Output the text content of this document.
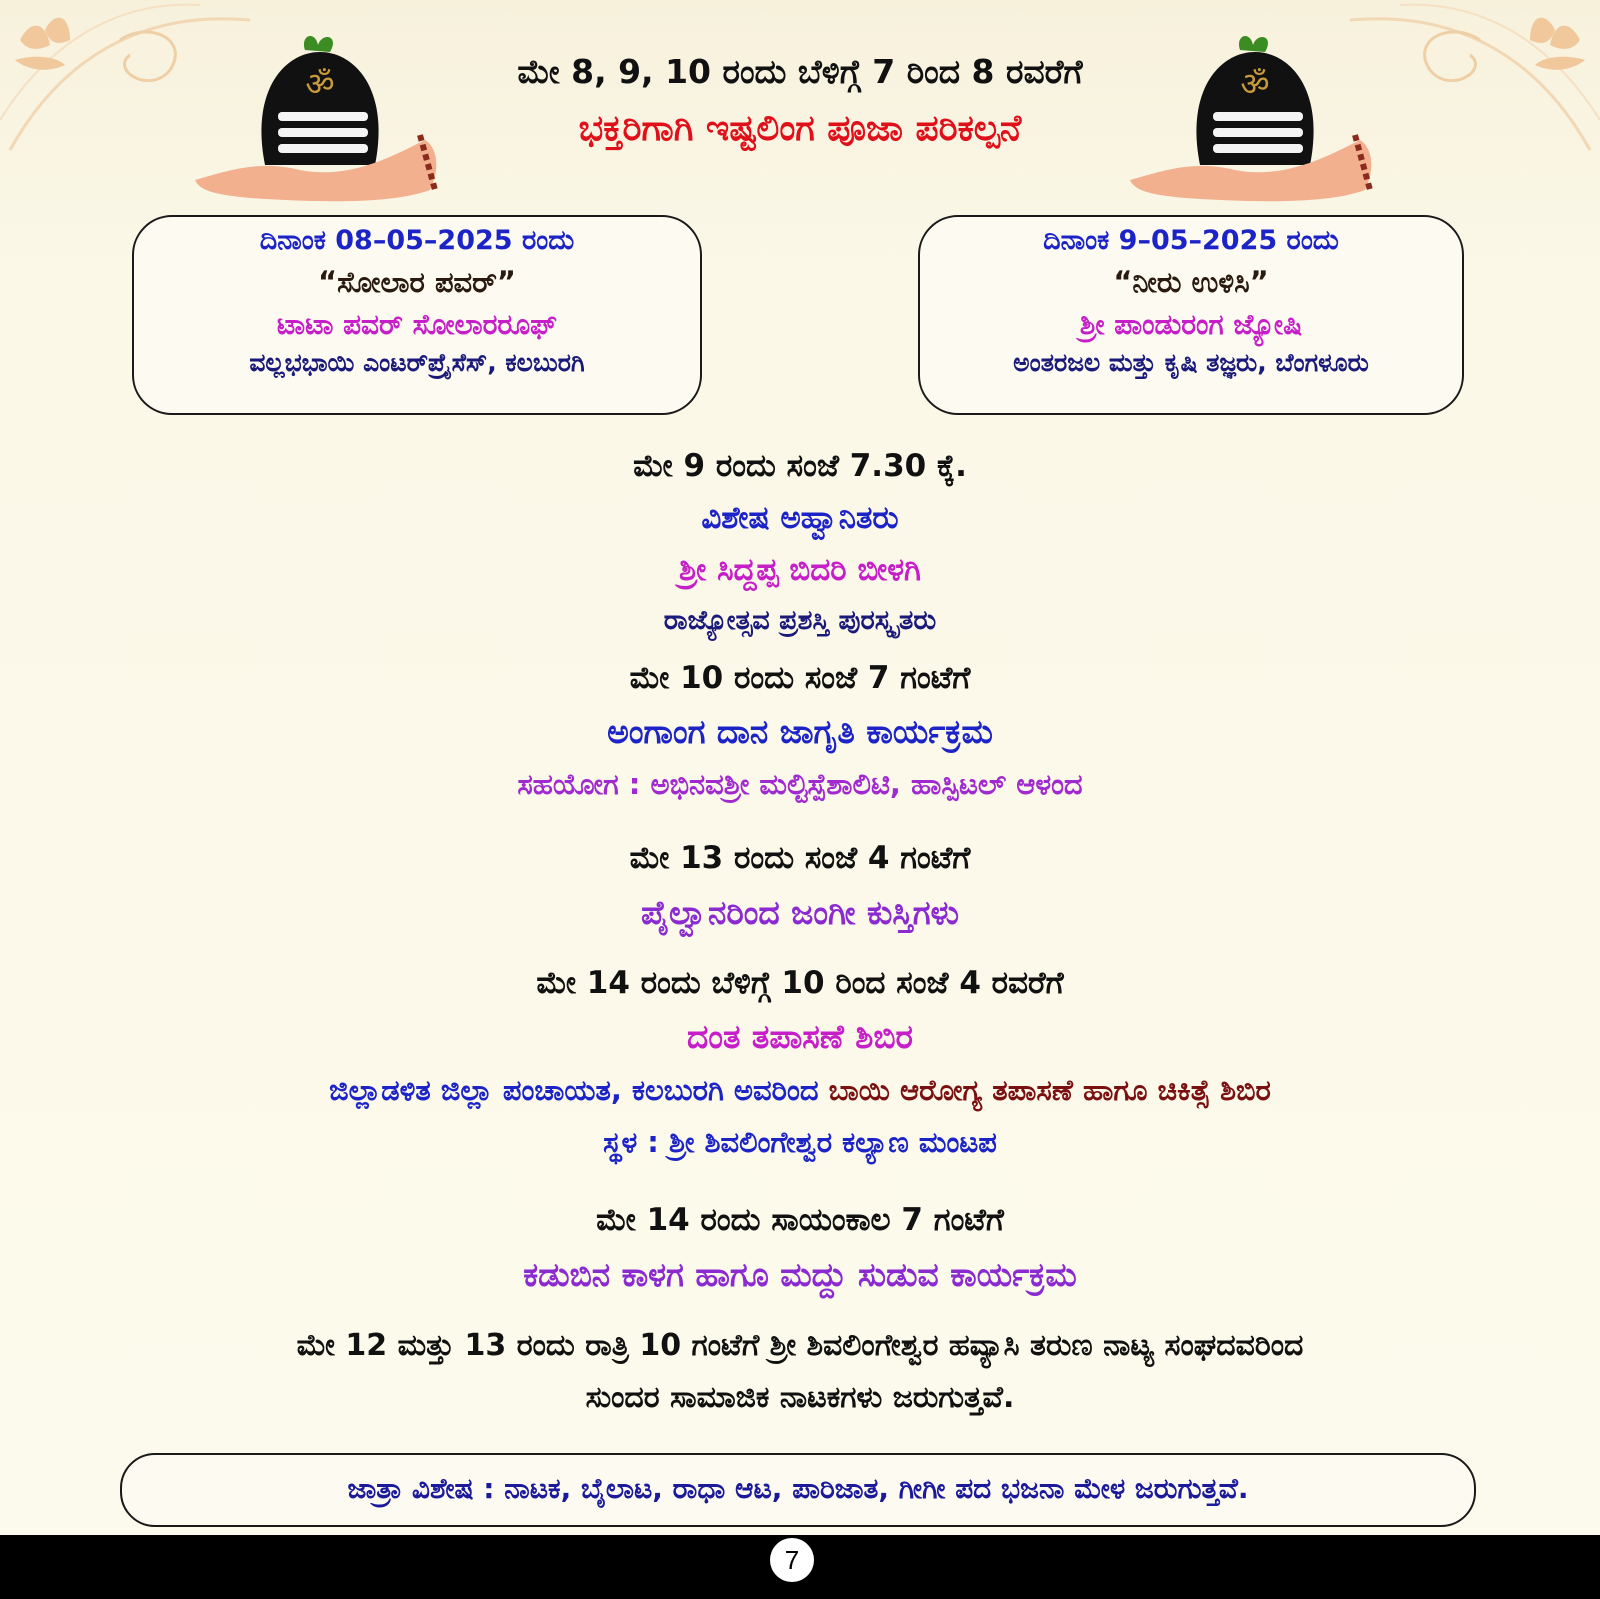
ॐ	ॐ
ಮೇ 8, 9, 10 ರಂದು ಬೆಳಿಗ್ಗೆ 7 ರಿಂದ 8 ರವರೆಗೆ
ಭಕ್ತರಿಗಾಗಿ ಇಷ್ಟಲಿಂಗ ಪೂಜಾ ಪರಿಕಲ್ಪನೆ
ದಿನಾಂಕ 08–05–2025 ರಂದು
“ಸೋಲಾರ ಪವರ್”
ಟಾಟಾ ಪವರ್ ಸೋಲಾರರೂಫ್
ವಲ್ಲಭಭಾಯಿ ಎಂಟರ್‌ಪ್ರೈಸೆಸ್, ಕಲಬುರಗಿ
ದಿನಾಂಕ 9–05–2025 ರಂದು
“ನೀರು ಉಳಿಸಿ”
ಶ್ರೀ ಪಾಂಡುರಂಗ ಜ್ಯೋಷಿ
ಅಂತರಜಲ ಮತ್ತು ಕೃಷಿ ತಜ್ಞರು, ಬೆಂಗಳೂರು
ಮೇ 9 ರಂದು ಸಂಜೆ 7.30 ಕ್ಕೆ.
ವಿಶೇಷ ಅಹ್ವಾನಿತರು
ಶ್ರೀ ಸಿದ್ದಪ್ಪ ಬಿದರಿ ಬೀಳಗಿ
ರಾಜ್ಯೋತ್ಸವ ಪ್ರಶಸ್ತಿ ಪುರಸ್ಕೃತರು
ಮೇ 10 ರಂದು ಸಂಜೆ 7 ಗಂಟೆಗೆ
ಅಂಗಾಂಗ ದಾನ ಜಾಗೃತಿ ಕಾರ್ಯಕ್ರಮ
ಸಹಯೋಗ : ಅಭಿನವಶ್ರೀ ಮಲ್ಟಿಸ್ಪೆಶಾಲಿಟಿ, ಹಾಸ್ಪಿಟಲ್ ಆಳಂದ
ಮೇ 13 ರಂದು ಸಂಜೆ 4 ಗಂಟೆಗೆ
ಪೈಲ್ವಾನರಿಂದ ಜಂಗೀ ಕುಸ್ತಿಗಳು
ಮೇ 14 ರಂದು ಬೆಳಿಗ್ಗೆ 10 ರಿಂದ ಸಂಜೆ 4 ರವರೆಗೆ
ದಂತ ತಪಾಸಣೆ ಶಿಬಿರ
ಜಿಲ್ಲಾಡಳಿತ ಜಿಲ್ಲಾ ಪಂಚಾಯತ, ಕಲಬುರಗಿ ಅವರಿಂದ ಬಾಯಿ ಆರೋಗ್ಯ ತಪಾಸಣೆ ಹಾಗೂ ಚಿಕಿತ್ಸೆ ಶಿಬಿರ
ಸ್ಥಳ : ಶ್ರೀ ಶಿವಲಿಂಗೇಶ್ವರ ಕಲ್ಯಾಣ ಮಂಟಪ
ಮೇ 14 ರಂದು ಸಾಯಂಕಾಲ 7 ಗಂಟೆಗೆ
ಕಡುಬಿನ ಕಾಳಗ ಹಾಗೂ ಮದ್ದು ಸುಡುವ ಕಾರ್ಯಕ್ರಮ
ಮೇ 12 ಮತ್ತು 13 ರಂದು ರಾತ್ರಿ 10 ಗಂಟೆಗೆ ಶ್ರೀ ಶಿವಲಿಂಗೇಶ್ವರ ಹವ್ಯಾಸಿ ತರುಣ ನಾಟ್ಯ ಸಂಘದವರಿಂದ
ಸುಂದರ ಸಾಮಾಜಿಕ ನಾಟಕಗಳು ಜರುಗುತ್ತವೆ.
ಜಾತ್ರಾ ವಿಶೇಷ : ನಾಟಕ, ಬೈಲಾಟ, ರಾಧಾ ಆಟ, ಪಾರಿಜಾತ, ಗೀಗೀ ಪದ ಭಜನಾ ಮೇಳ ಜರುಗುತ್ತವೆ.
7
